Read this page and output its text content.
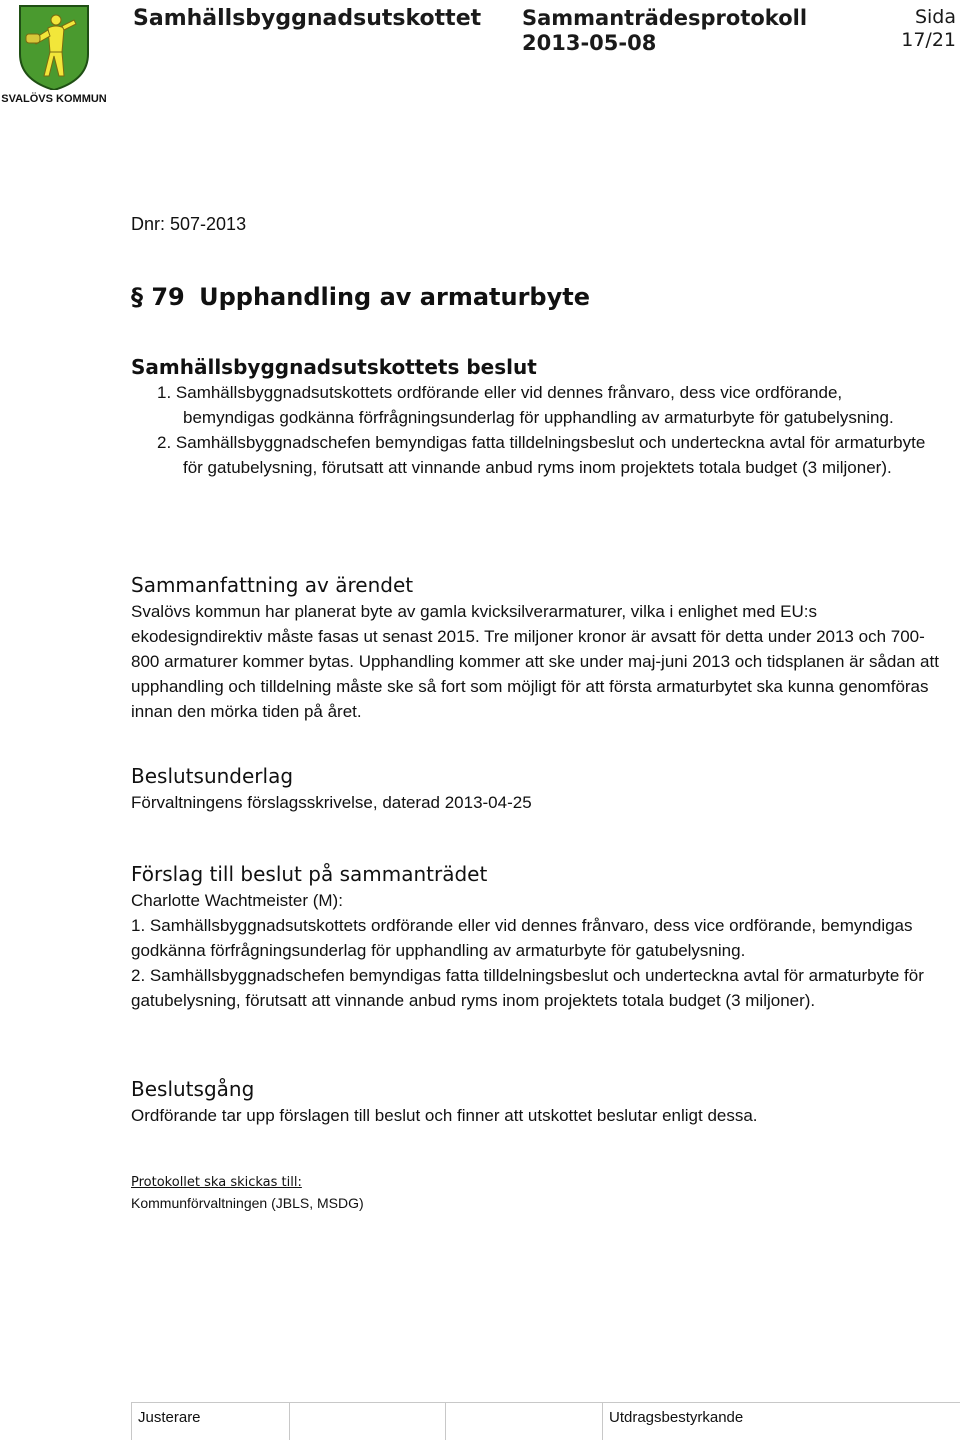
SVALÖVS KOMMUN
Samhällsbyggnadsutskottet Sammanträdesprotokoll
2013-05-08
Sida
17/21
Dnr: 507-2013
§ 79 Upphandling av armaturbyte
Samhällsbyggnadsutskottets beslut

1. Samhällsbyggnadsutskottets ordförande eller vid dennes frånvaro, dess vice ordförande, bemyndigas godkänna förfrågningsunderlag för upphandling av armaturbyte för gatubelysning.

2. Samhällsbyggnadschefen bemyndigas fatta tilldelningsbeslut och underteckna avtal för armaturbyte för gatubelysning, förutsatt att vinnande anbud ryms inom projektets totala budget (3 miljoner).

Sammanfattning av ärendet

Svalövs kommun har planerat byte av gamla kvicksilverarmaturer, vilka i enlighet med EU:s ekodesigndirektiv måste fasas ut senast 2015. Tre miljoner kronor är avsatt för detta under 2013 och 700-800 armaturer kommer bytas. Upphandling kommer att ske under maj-juni 2013 och tidsplanen är sådan att upphandling och tilldelning måste ske så fort som möjligt för att första armaturbytet ska kunna genomföras innan den mörka tiden på året.

Beslutsunderlag

Förvaltningens förslagsskrivelse, daterad 2013-04-25

Förslag till beslut på sammanträdet

Charlotte Wachtmeister (M):

1. Samhällsbyggnadsutskottets ordförande eller vid dennes frånvaro, dess vice ordförande, bemyndigas godkänna förfrågningsunderlag för upphandling av armaturbyte för gatubelysning.

2. Samhällsbyggnadschefen bemyndigas fatta tilldelningsbeslut och underteckna avtal för armaturbyte för gatubelysning, förutsatt att vinnande anbud ryms inom projektets totala budget (3 miljoner).

Beslutsgång

Ordförande tar upp förslagen till beslut och finner att utskottet beslutar enligt dessa.

Protokollet ska skickas till:
Kommunförvaltningen (JBLS, MSDG)
Justerare	Utdragsbestyrkande
